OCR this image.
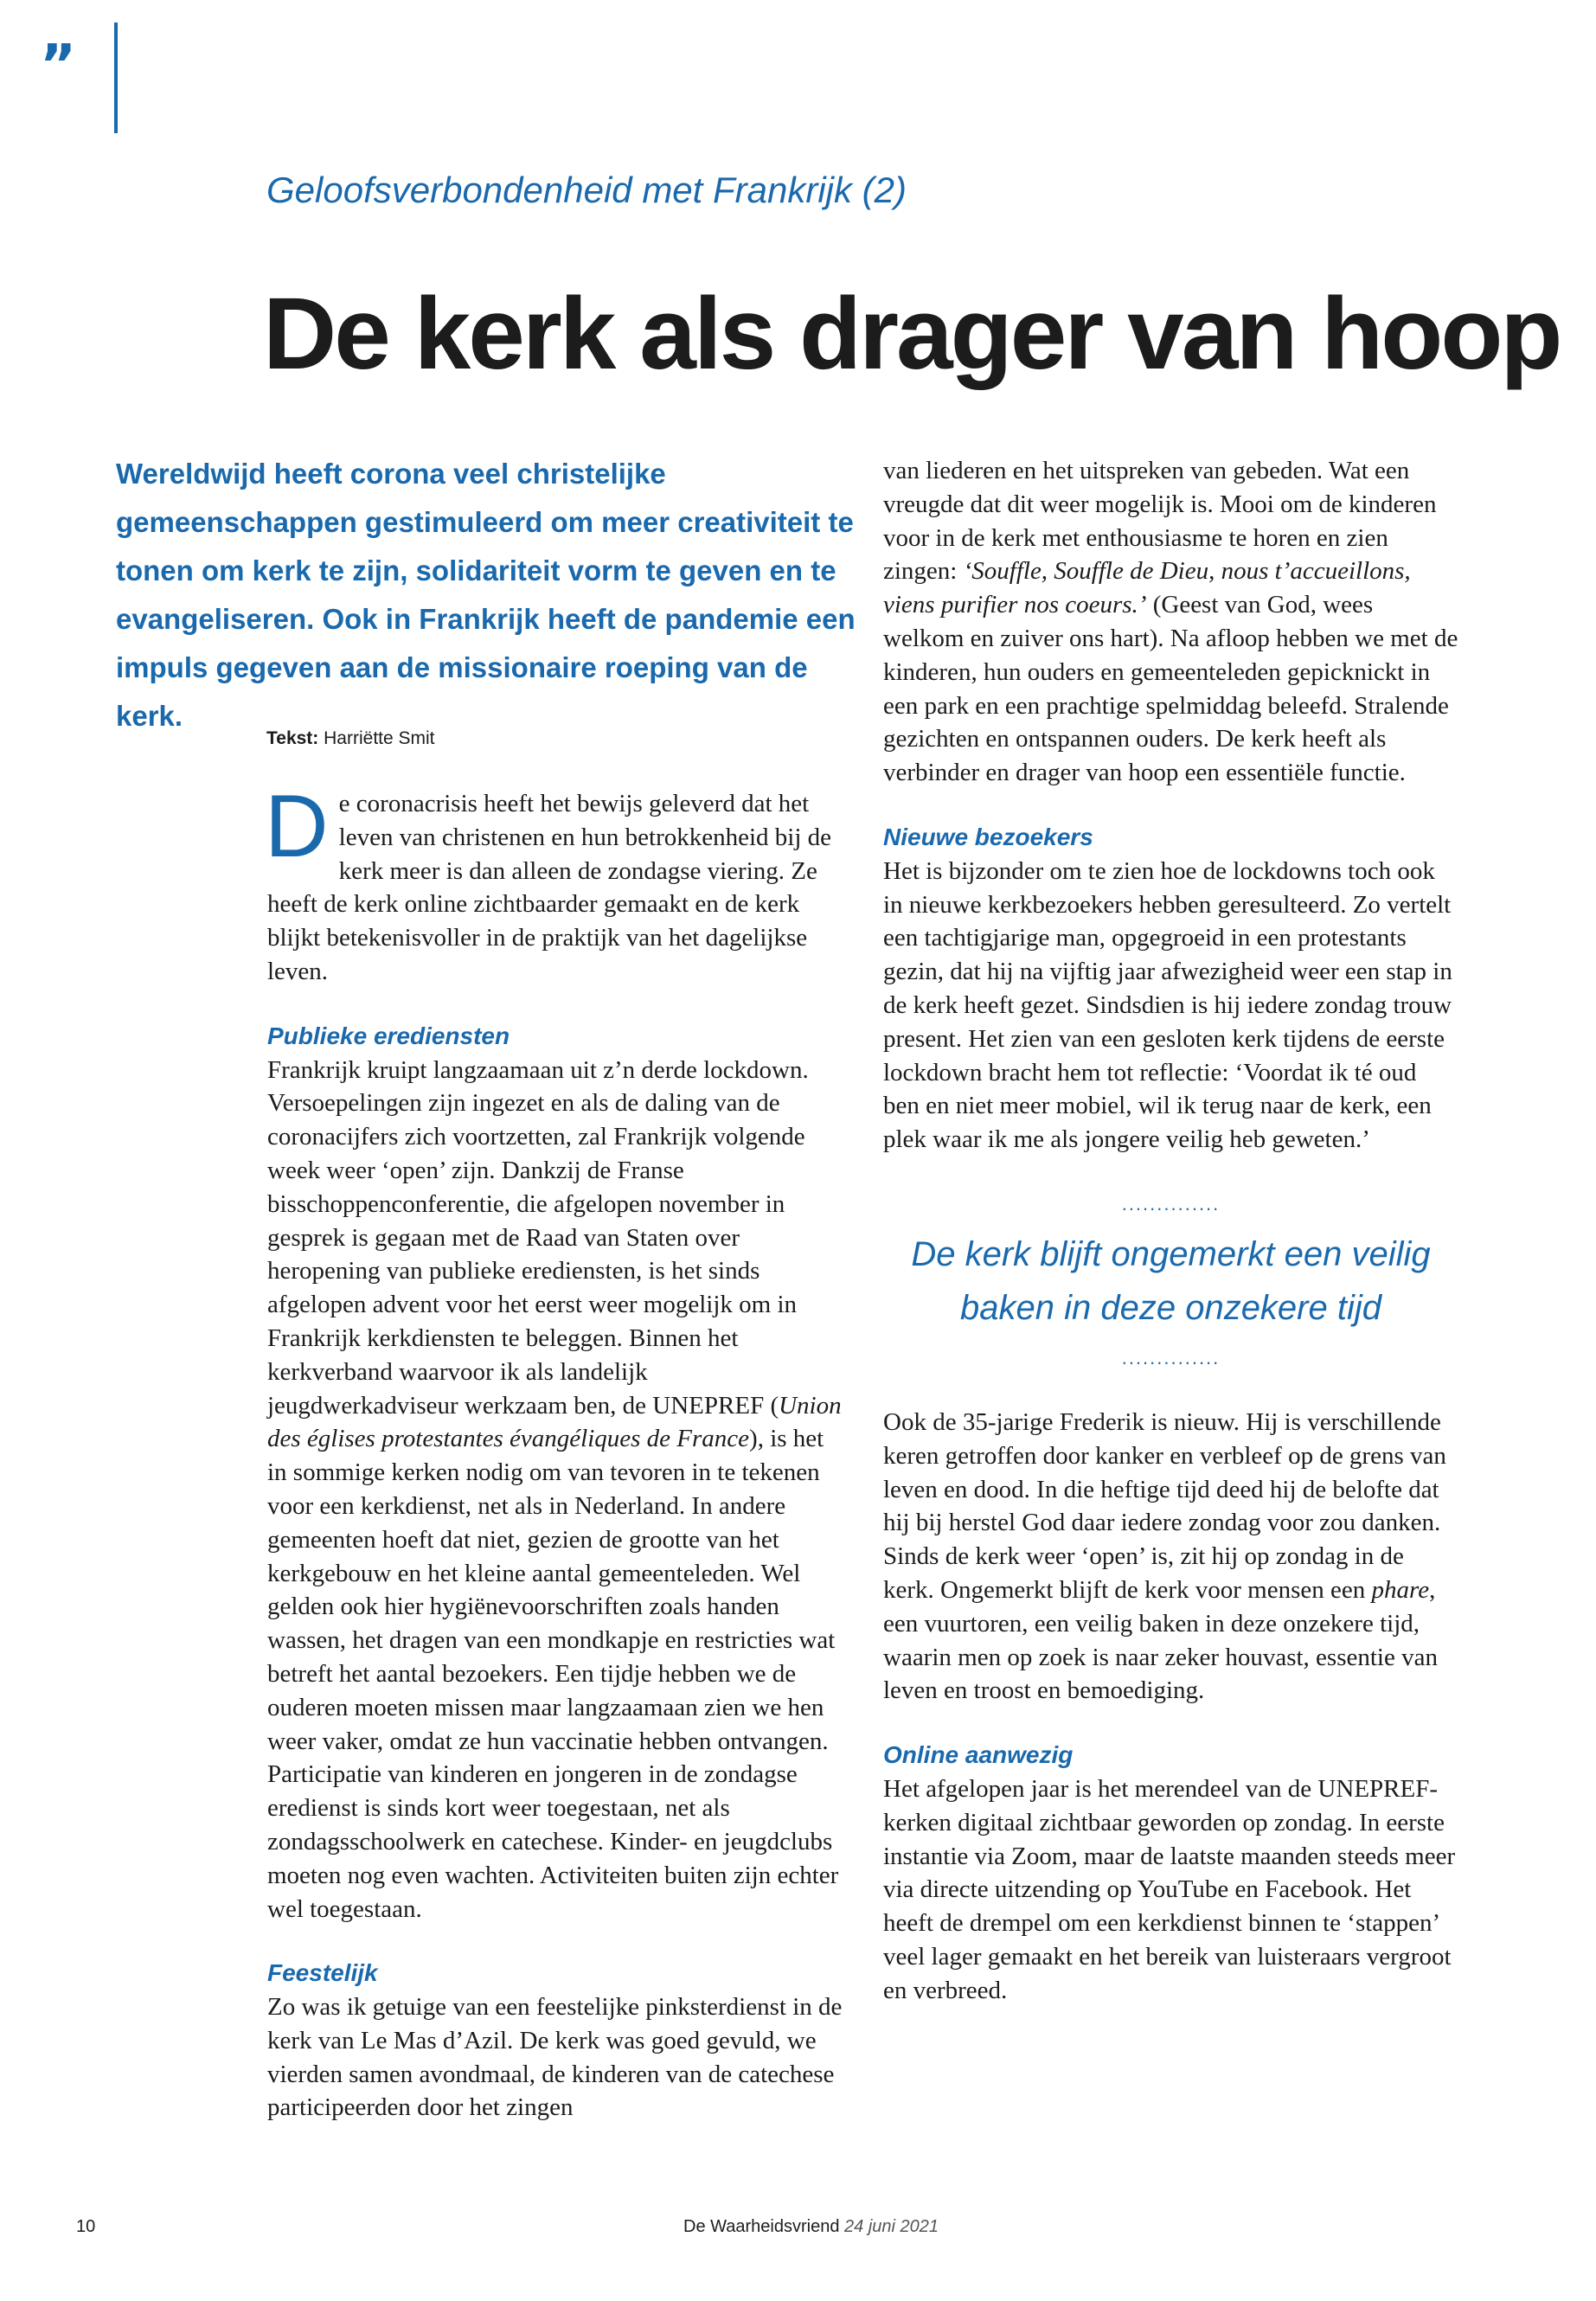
”
Geloofsverbondenheid met Frankrijk (2)
De kerk als drager van hoop

Wereldwijd heeft corona veel christelijke gemeenschappen gestimuleerd om meer creativiteit te tonen om kerk te zijn, solidariteit vorm te geven en te evangeliseren. Ook in Frankrijk heeft de pandemie een impuls gegeven aan de missionaire roeping van de kerk.

Tekst: Harriëtte Smit

D e coronacrisis heeft het bewijs geleverd dat het leven van christenen en hun betrokkenheid bij de kerk meer is dan alleen de zondagse viering. Ze heeft de kerk online zichtbaarder gemaakt en de kerk blijkt betekenisvoller in de praktijk van het dagelijkse leven.

Publieke erediensten

Frankrijk kruipt langzaamaan uit z’n derde lockdown. Versoepelingen zijn ingezet en als de daling van de coronacijfers zich voortzetten, zal Frankrijk volgende week weer ‘open’ zijn. Dankzij de Franse bisschoppenconferentie, die afgelopen november in gesprek is gegaan met de Raad van Staten over heropening van publieke erediensten, is het sinds afgelopen advent voor het eerst weer mogelijk om in Frankrijk kerkdiensten te beleggen. Binnen het kerkverband waarvoor ik als landelijk jeugdwerkadviseur werkzaam ben, de UNEPREF (Union des églises protestantes évangéliques de France), is het in sommige kerken nodig om van tevoren in te tekenen voor een kerkdienst, net als in Nederland. In andere gemeenten hoeft dat niet, gezien de grootte van het kerkgebouw en het kleine aantal gemeenteleden. Wel gelden ook hier hygiënevoorschriften zoals handen wassen, het dragen van een mondkapje en restricties wat betreft het aantal bezoekers. Een tijdje hebben we de ouderen moeten missen maar langzaamaan zien we hen weer vaker, omdat ze hun vaccinatie hebben ontvangen. Participatie van kinderen en jongeren in de zondagse eredienst is sinds kort weer toegestaan, net als zondagsschoolwerk en catechese. Kinder- en jeugdclubs moeten nog even wachten. Activiteiten buiten zijn echter wel toegestaan.

Feestelijk

Zo was ik getuige van een feestelijke pinksterdienst in de kerk van Le Mas d’Azil. De kerk was goed gevuld, we vierden samen avondmaal, de kinderen van de catechese participeerden door het zingen

van liederen en het uitspreken van gebeden. Wat een vreugde dat dit weer mogelijk is. Mooi om de kinderen voor in de kerk met enthousiasme te horen en zien zingen: ‘Souffle, Souffle de Dieu, nous t’accueillons, viens purifier nos coeurs.’ (Geest van God, wees welkom en zuiver ons hart). Na afloop hebben we met de kinderen, hun ouders en gemeenteleden gepicknickt in een park en een prachtige spelmiddag beleefd. Stralende gezichten en ontspannen ouders. De kerk heeft als verbinder en drager van hoop een essentiële functie.

Nieuwe bezoekers

Het is bijzonder om te zien hoe de lockdowns toch ook in nieuwe kerkbezoekers hebben geresulteerd. Zo vertelt een tachtigjarige man, opgegroeid in een protestants gezin, dat hij na vijftig jaar afwezigheid weer een stap in de kerk heeft gezet. Sindsdien is hij iedere zondag trouw present. Het zien van een gesloten kerk tijdens de eerste lockdown bracht hem tot reflectie: ‘Voordat ik té oud ben en niet meer mobiel, wil ik terug naar de kerk, een plek waar ik me als jongere veilig heb geweten.’

..............
De kerk blijft ongemerkt een veilig baken in deze onzekere tijd
..............

Ook de 35-jarige Frederik is nieuw. Hij is verschillende keren getroffen door kanker en verbleef op de grens van leven en dood. In die heftige tijd deed hij de belofte dat hij bij herstel God daar iedere zondag voor zou danken. Sinds de kerk weer ‘open’ is, zit hij op zondag in de kerk. Ongemerkt blijft de kerk voor mensen een phare, een vuurtoren, een veilig baken in deze onzekere tijd, waarin men op zoek is naar zeker houvast, essentie van leven en troost en bemoediging.

Online aanwezig

Het afgelopen jaar is het merendeel van de UNEPREF-kerken digitaal zichtbaar geworden op zondag. In eerste instantie via Zoom, maar de laatste maanden steeds meer via directe uitzending op YouTube en Facebook. Het heeft de drempel om een kerkdienst binnen te ‘stappen’ veel lager gemaakt en het bereik van luisteraars vergroot en verbreed.

10	De Waarheidsvriend 24 juni 2021
